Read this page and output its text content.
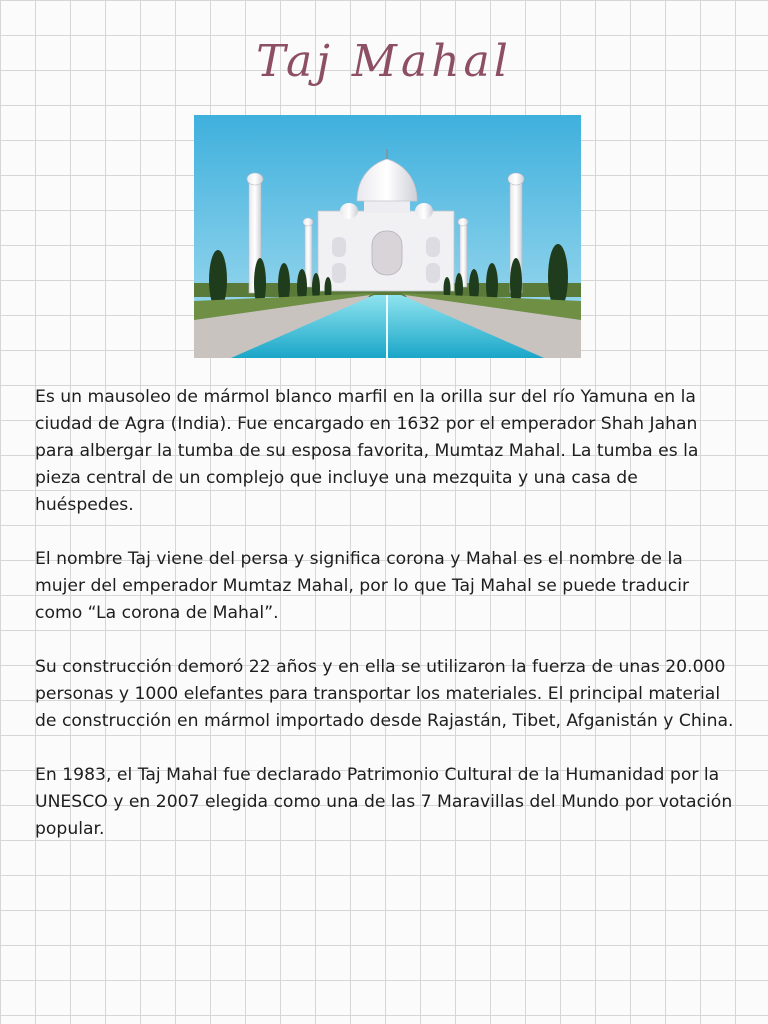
Taj Mahal

Es un mausoleo de mármol blanco marfil en la orilla sur del río Yamuna en la ciudad de Agra (India). Fue encargado en 1632 por el emperador Shah Jahan para albergar la tumba de su esposa favorita, Mumtaz Mahal. La tumba es la pieza central de un complejo que incluye una mezquita y una casa de huéspedes.

El nombre Taj viene del persa y significa corona y Mahal es el nombre de la mujer del emperador Mumtaz Mahal, por lo que Taj Mahal se puede traducir como “La corona de Mahal”.

Su construcción demoró 22 años y en ella se utilizaron la fuerza de unas 20.000 personas y 1000 elefantes para transportar los materiales. El principal material de construcción en mármol importado desde Rajastán, Tibet, Afganistán y China.

En 1983, el Taj Mahal fue declarado Patrimonio Cultural de la Humanidad por la UNESCO y en 2007 elegida como una de las 7 Maravillas del Mundo por votación popular.
